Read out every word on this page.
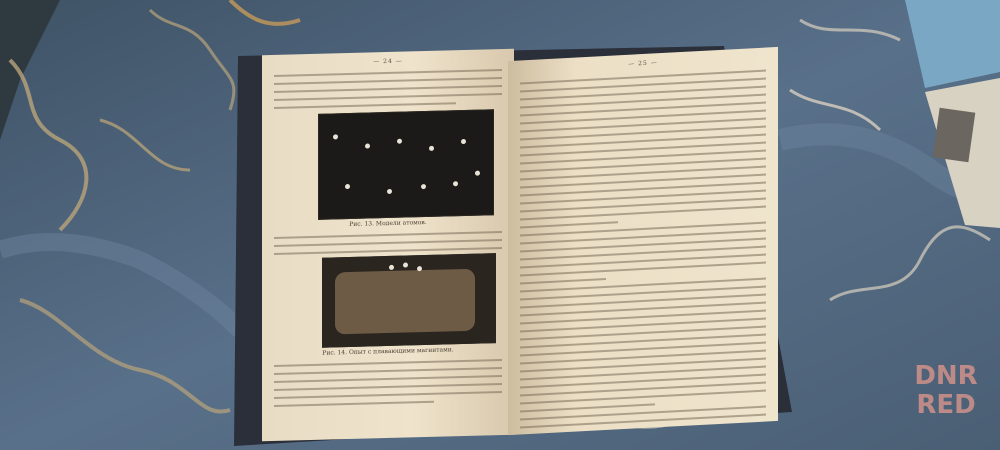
— 24 —
Рис. 13. Модели атомов.
Рис. 14. Опыт с плавающими магнитами.
— 25 —
DNR
RED
